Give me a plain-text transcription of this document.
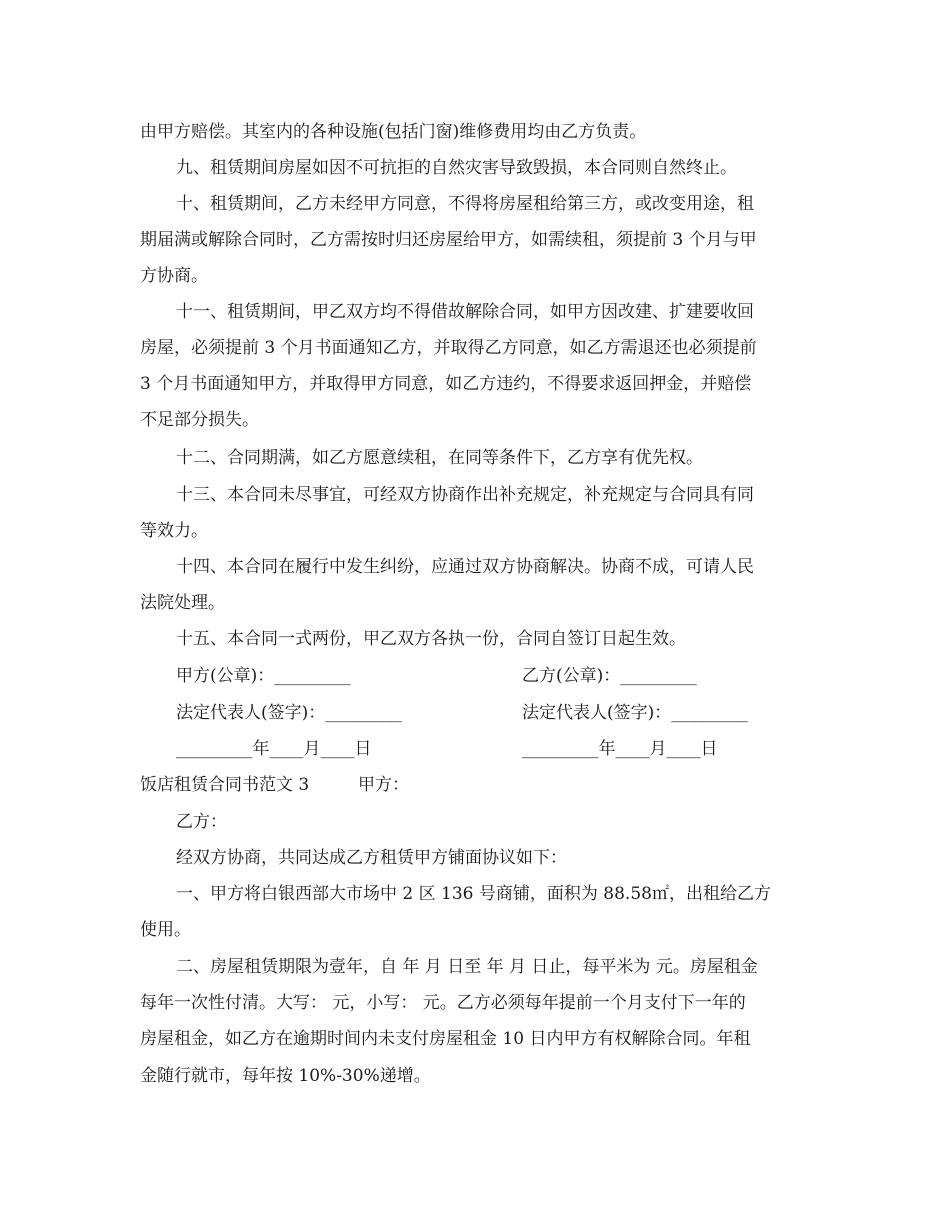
由甲方赔偿。其室内的各种设施(包括门窗)维修费用均由乙方负责。
九、租赁期间房屋如因不可抗拒的自然灾害导致毁损，本合同则自然终止。
十、租赁期间，乙方未经甲方同意，不得将房屋租给第三方，或改变用途，租
期届满或解除合同时，乙方需按时归还房屋给甲方，如需续租，须提前 3 个月与甲
方协商。
十一、租赁期间，甲乙双方均不得借故解除合同，如甲方因改建、扩建要收回
房屋，必须提前 3 个月书面通知乙方，并取得乙方同意，如乙方需退还也必须提前
3 个月书面通知甲方，并取得甲方同意，如乙方违约，不得要求返回押金，并赔偿
不足部分损失。
十二、合同期满，如乙方愿意续租，在同等条件下，乙方享有优先权。
十三、本合同未尽事宜，可经双方协商作出补充规定，补充规定与合同具有同
等效力。
十四、本合同在履行中发生纠纷，应通过双方协商解决。协商不成，可请人民
法院处理。
十五、本合同一式两份，甲乙双方各执一份，合同自签订日起生效。
甲方(公章)：_________	乙方(公章)：_________
法定代表人(签字)：_________	法定代表人(签字)：_________
_________年____月____日	_________年____月____日
饭店租赁合同书范文 3	甲方：
乙方：
经双方协商，共同达成乙方租赁甲方铺面协议如下：
一、甲方将白银西部大市场中 2 区 136 号商铺，面积为 88.58㎡，出租给乙方
使用。
二、房屋租赁期限为壹年，自 年 月 日至 年 月 日止，每平米为 元。房屋租金
每年一次性付清。大写： 元，小写： 元。乙方必须每年提前一个月支付下一年的
房屋租金，如乙方在逾期时间内未支付房屋租金 10 日内甲方有权解除合同。年租
金随行就市，每年按 10%-30%递增。
